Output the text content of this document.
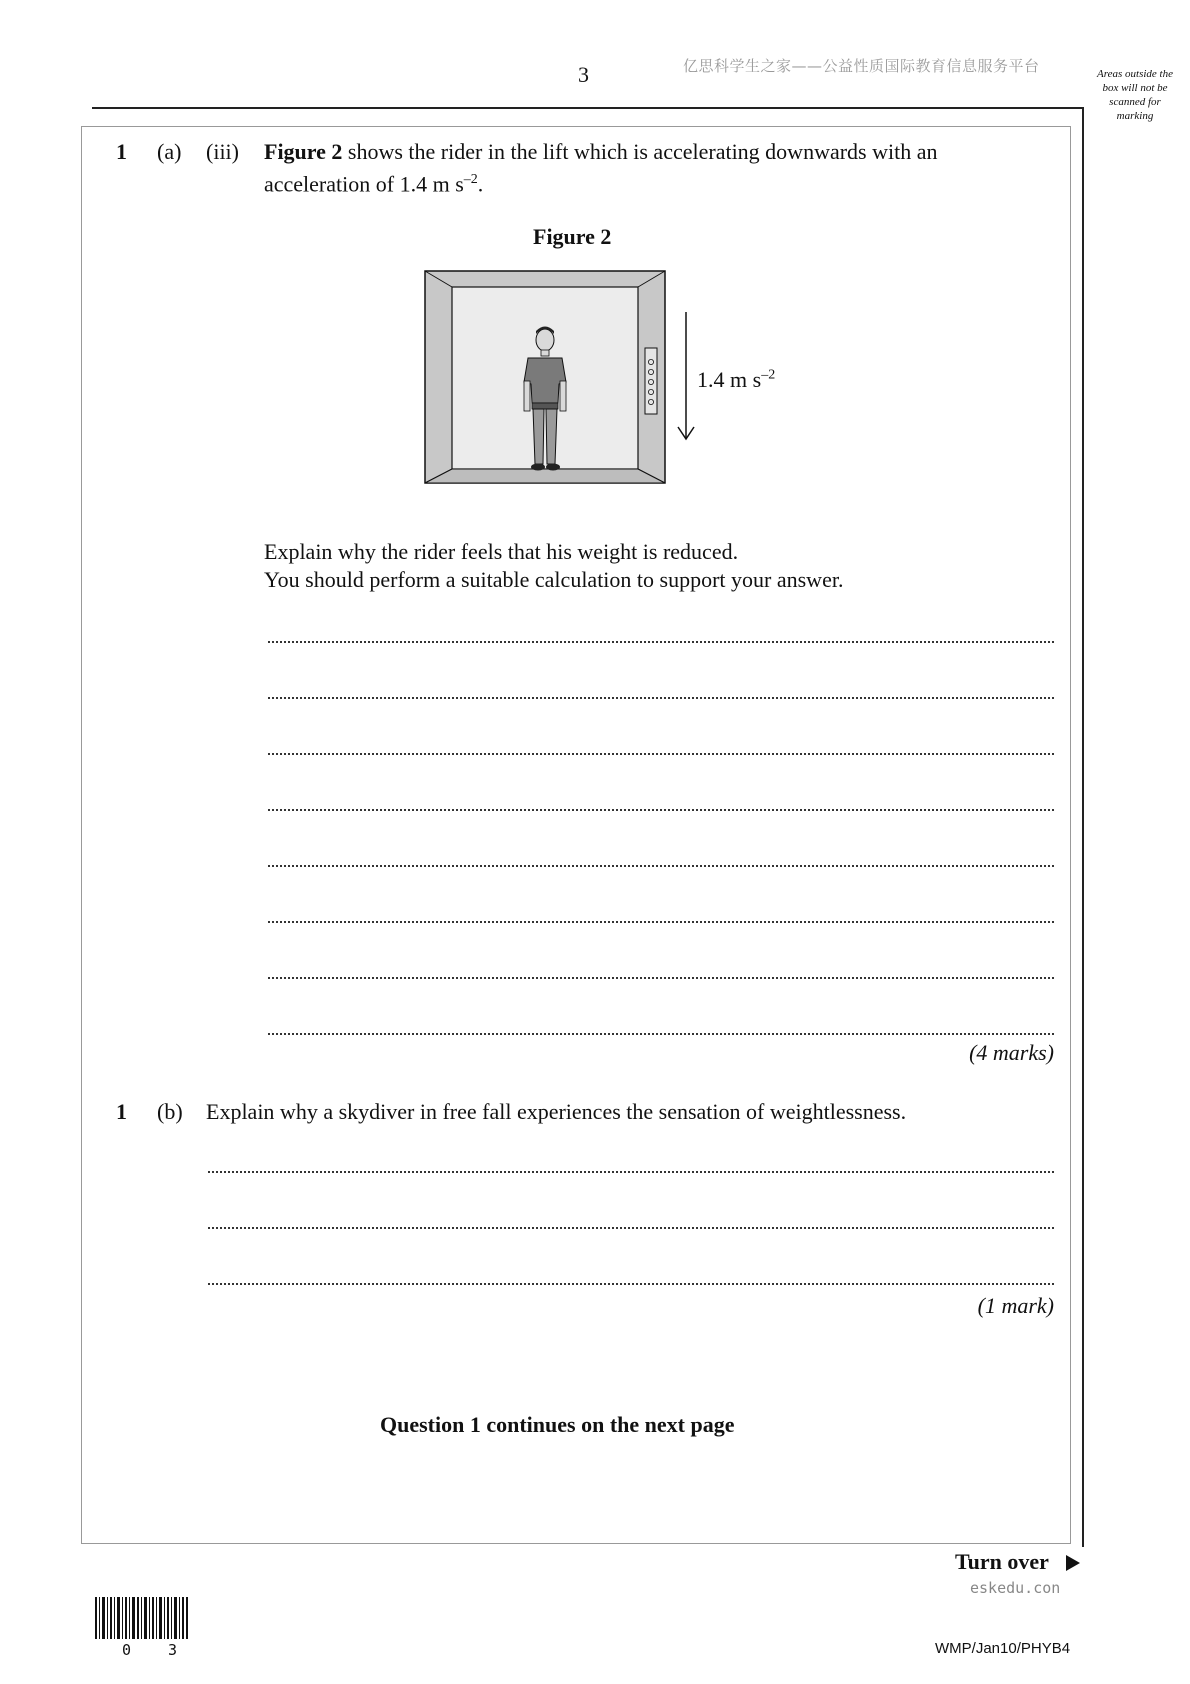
3	亿思科学生之家——公益性质国际教育信息服务平台	Areas outside the box will not be scanned for marking
1 (a) (iii) Figure 2 shows the rider in the lift which is accelerating downwards with an
acceleration of 1.4 m $s^{-2}$.
Figure 2
1.4 m $s^{-2}$
Explain why the rider feels that his weight is reduced.
You should perform a suitable calculation to support your answer.
(4 marks)
1 (b) Explain why a skydiver in free fall experiences the sensation of weightlessness.
(1 mark)
Question 1 continues on the next page
Turn over
eskedu.con
WMP/Jan10/PHYB4
0 3
